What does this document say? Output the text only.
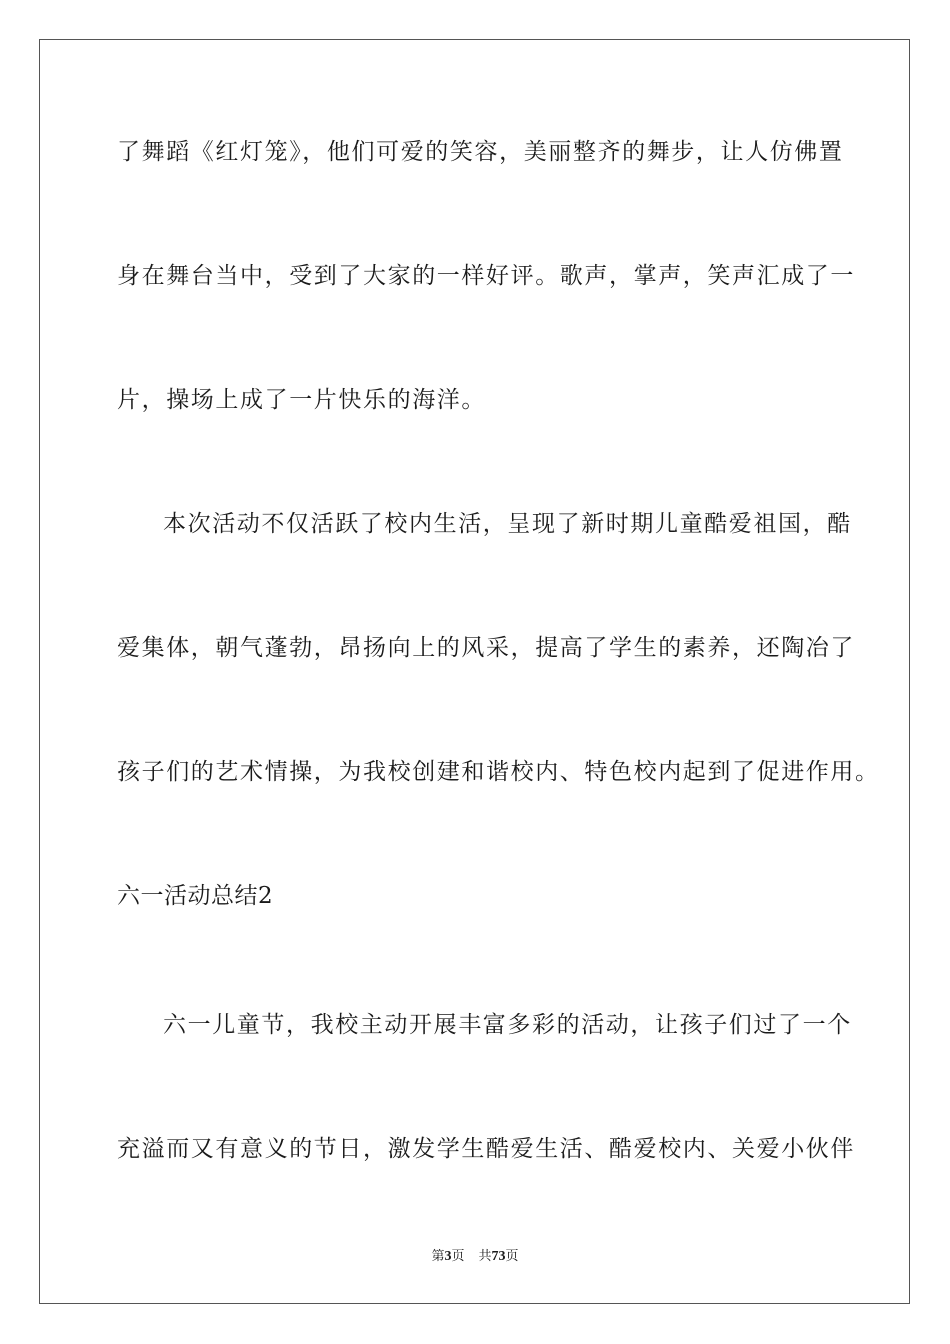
了舞蹈《红灯笼》，他们可爱的笑容，美丽整齐的舞步，让人仿佛置
身在舞台当中，受到了大家的一样好评。歌声，掌声，笑声汇成了一
片，操场上成了一片快乐的海洋。
本次活动不仅活跃了校内生活，呈现了新时期儿童酷爱祖国，酷
爱集体，朝气蓬勃，昂扬向上的风采，提高了学生的素养，还陶冶了
孩子们的艺术情操，为我校创建和谐校内、特色校内起到了促进作用。
六一活动总结2
六一儿童节，我校主动开展丰富多彩的活动，让孩子们过了一个
充溢而又有意义的节日，激发学生酷爱生活、酷爱校内、关爱小伙伴
第3页 共73页
